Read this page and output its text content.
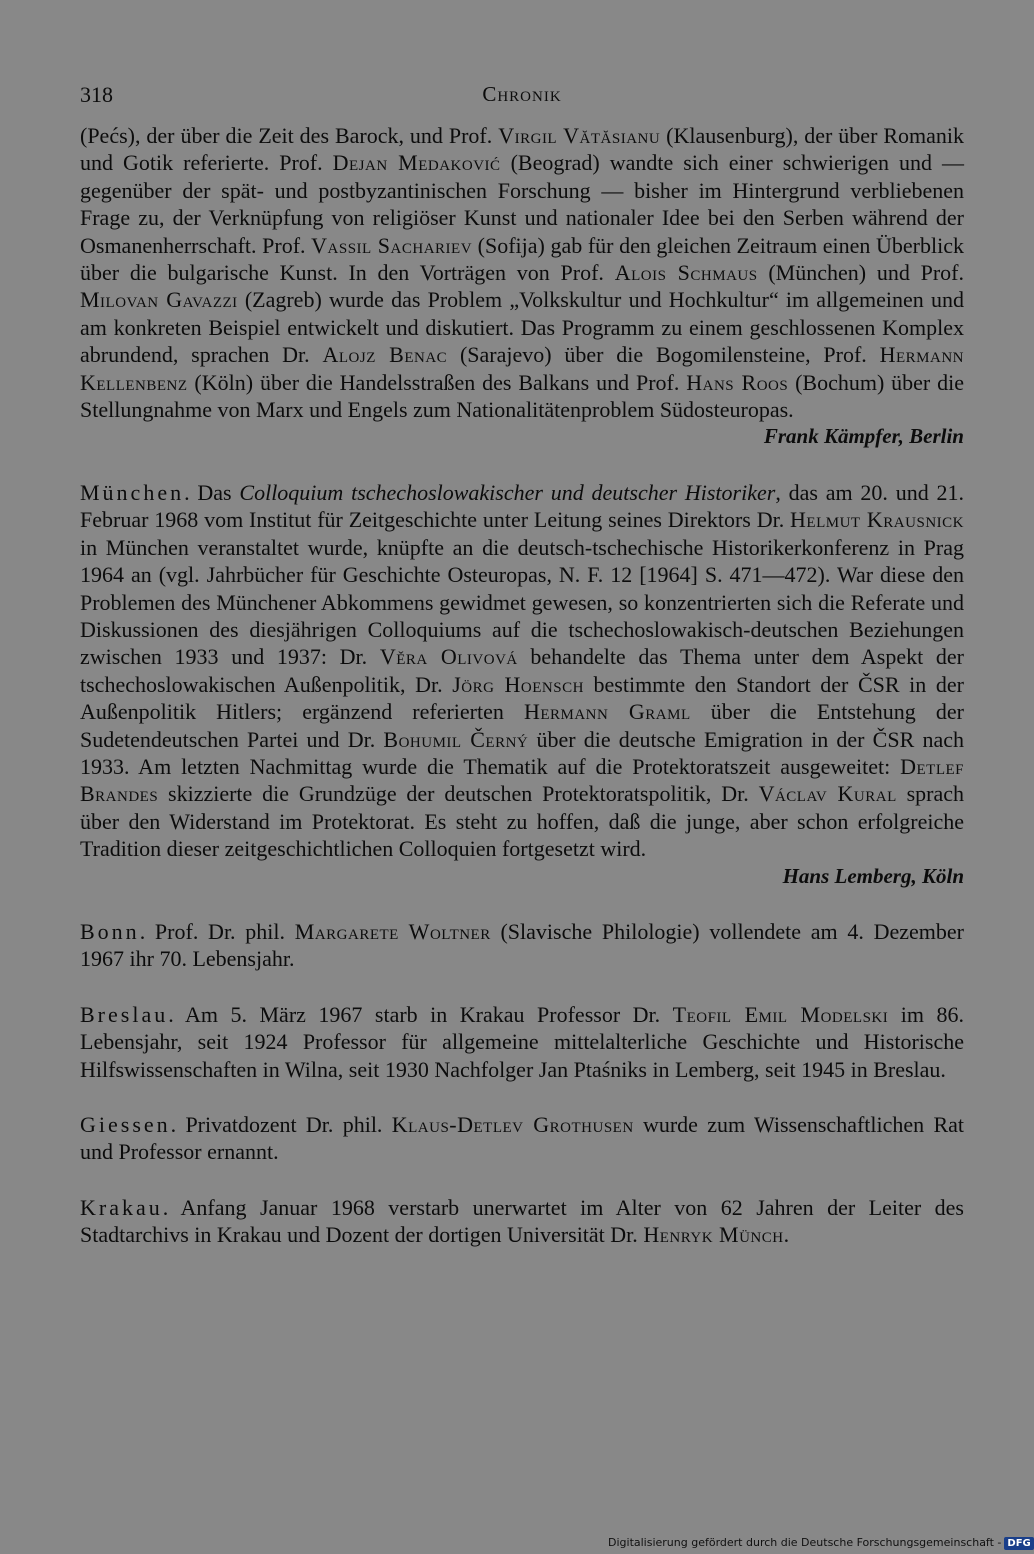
318	Chronik

(Pećs), der über die Zeit des Barock, und Prof. Virgil Vătăsianu (Klausenburg), der über Romanik und Gotik referierte. Prof. Dejan Medaković (Beograd) wandte sich einer schwierigen und — gegenüber der spät- und postbyzantinischen Forschung — bisher im Hintergrund verbliebenen Frage zu, der Verknüpfung von religiöser Kunst und nationaler Idee bei den Serben während der Osmanenherrschaft. Prof. Vassil Sachariev (Sofija) gab für den gleichen Zeitraum einen Überblick über die bulgarische Kunst. In den Vorträgen von Prof. Alois Schmaus (München) und Prof. Milovan Gavazzi (Zagreb) wurde das Problem „Volkskultur und Hochkultur“ im allgemeinen und am konkreten Beispiel entwickelt und diskutiert. Das Programm zu einem geschlossenen Komplex abrundend, sprachen Dr. Alojz Benac (Sarajevo) über die Bogomilensteine, Prof. Hermann Kellenbenz (Köln) über die Handelsstraßen des Balkans und Prof. Hans Roos (Bochum) über die Stellungnahme von Marx und Engels zum Nationalitätenproblem Südosteuropas.

Frank Kämpfer, Berlin

München. Das Colloquium tschechoslowakischer und deutscher Historiker, das am 20. und 21. Februar 1968 vom Institut für Zeitgeschichte unter Leitung seines Direktors Dr. Helmut Krausnick in München veranstaltet wurde, knüpfte an die deutsch-tschechische Historikerkonferenz in Prag 1964 an (vgl. Jahrbücher für Geschichte Osteuropas, N. F. 12 [1964] S. 471—472). War diese den Problemen des Münchener Abkommens gewidmet gewesen, so konzentrierten sich die Referate und Diskussionen des diesjährigen Colloquiums auf die tschechoslowakisch-deutschen Beziehungen zwischen 1933 und 1937: Dr. Věra Olivová behandelte das Thema unter dem Aspekt der tschechoslowakischen Außenpolitik, Dr. Jörg Hoensch bestimmte den Standort der ČSR in der Außenpolitik Hitlers; ergänzend referierten Hermann Graml über die Entstehung der Sudetendeutschen Partei und Dr. Bohumil Černý über die deutsche Emigration in der ČSR nach 1933. Am letzten Nachmittag wurde die Thematik auf die Protektoratszeit ausgeweitet: Detlef Brandes skizzierte die Grundzüge der deutschen Protektoratspolitik, Dr. Václav Kural sprach über den Widerstand im Protektorat. Es steht zu hoffen, daß die junge, aber schon erfolgreiche Tradition dieser zeitgeschichtlichen Colloquien fortgesetzt wird.

Hans Lemberg, Köln

Bonn. Prof. Dr. phil. Margarete Woltner (Slavische Philologie) vollendete am 4. Dezember 1967 ihr 70. Lebensjahr.

Breslau. Am 5. März 1967 starb in Krakau Professor Dr. Teofil Emil Modelski im 86. Lebensjahr, seit 1924 Professor für allgemeine mittelalterliche Geschichte und Historische Hilfswissenschaften in Wilna, seit 1930 Nachfolger Jan Ptaśniks in Lemberg, seit 1945 in Breslau.

Giessen. Privatdozent Dr. phil. Klaus-Detlev Grothusen wurde zum Wissenschaftlichen Rat und Professor ernannt.

Krakau. Anfang Januar 1968 verstarb unerwartet im Alter von 62 Jahren der Leiter des Stadtarchivs in Krakau und Dozent der dortigen Universität Dr. Henryk Münch.

Digitalisierung gefördert durch die Deutsche Forschungsgemeinschaft - DFG
